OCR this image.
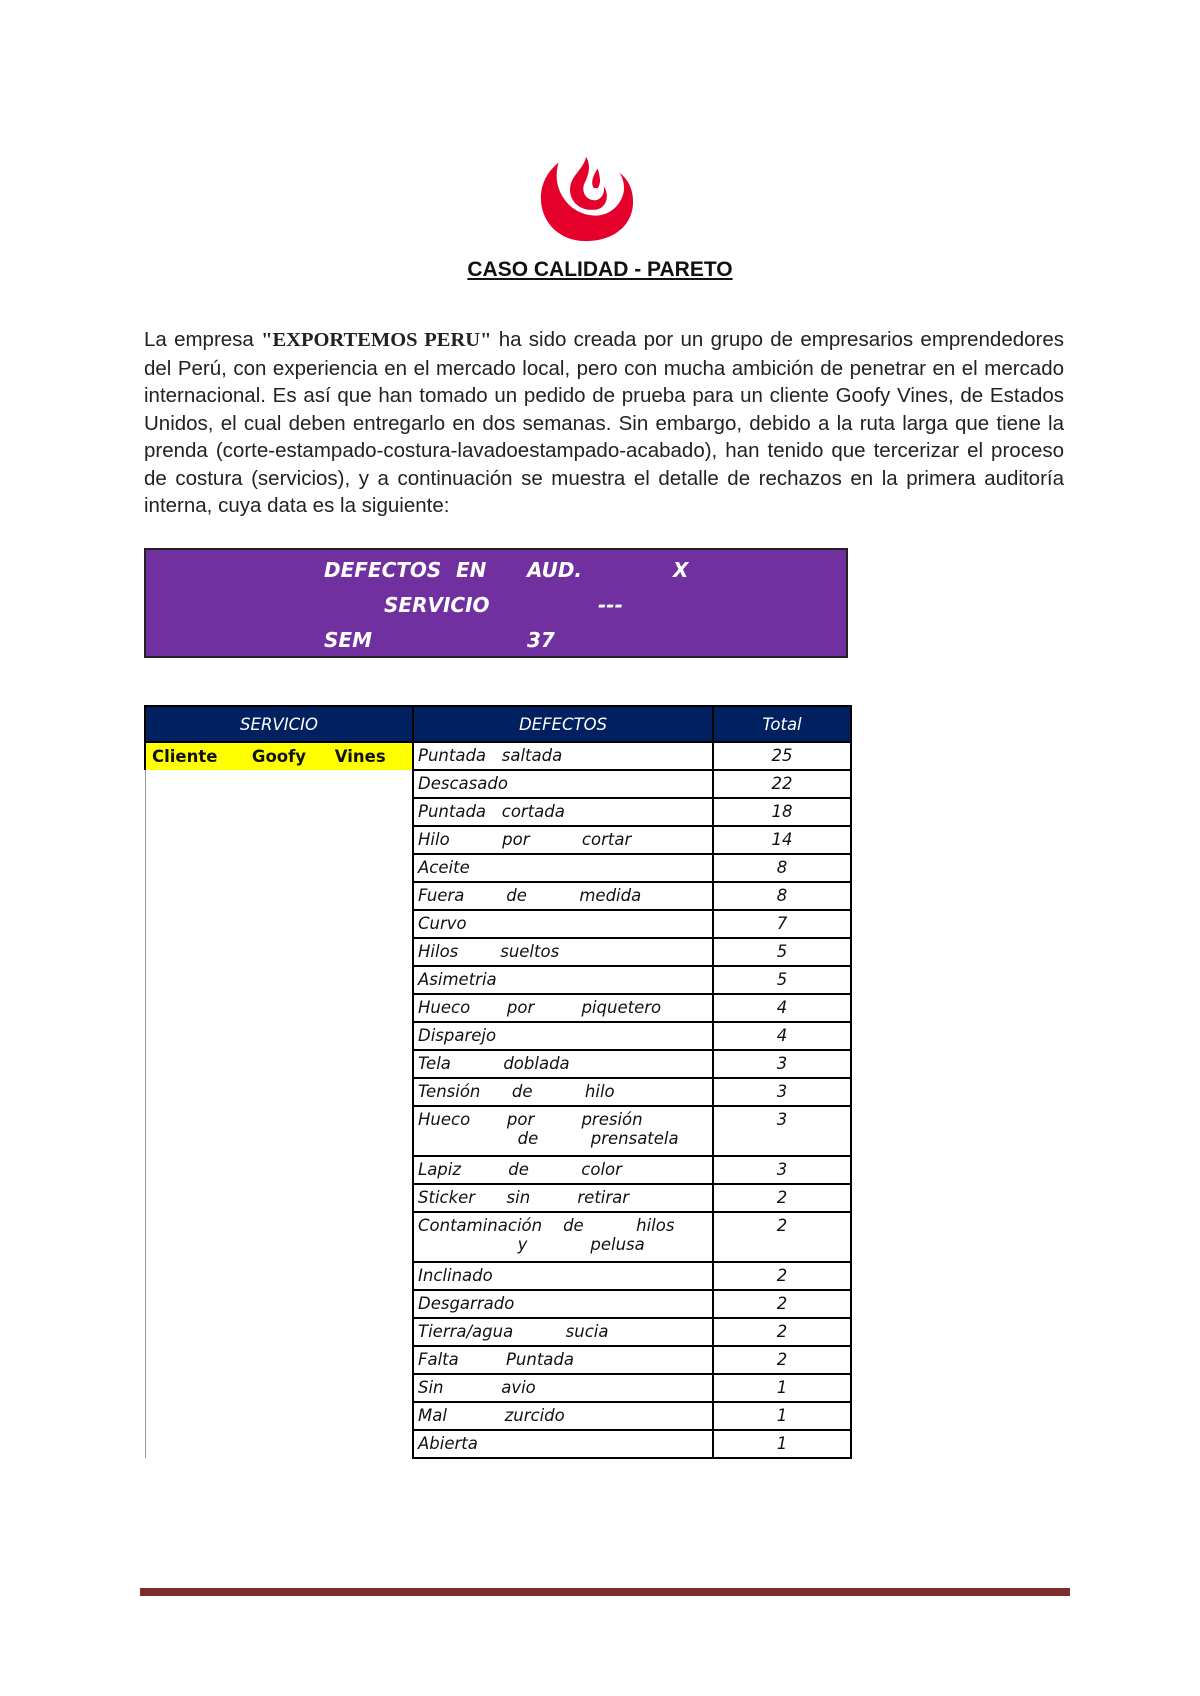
CASO CALIDAD - PARETO

La empresa "EXPORTEMOS PERU" ha sido creada por un grupo de empresarios emprendedores del Perú, con experiencia en el mercado local, pero con mucha ambición de penetrar en el mercado internacional. Es así que han tomado un pedido de prueba para un cliente Goofy Vines, de Estados Unidos, el cual deben entregarlo en dos semanas. Sin embargo, debido a la ruta larga que tiene la prenda (corte-estampado-costura-lavadoestampado-acabado), han tenido que tercerizar el proceso de costura (servicios), y a continuación se muestra el detalle de rechazos en la primera auditoría interna, cuya data es la siguiente:

DEFECTOS EN AUD.	X
SERVICIO	---
SEM	37
SERVICIO	DEFECTOS	Total
Cliente      Goofy     Vines	Puntada   saltada	25
	Descasado	22
	Puntada   cortada	18
	Hilo          por          cortar	14
	Aceite	8
	Fuera        de          medida	8
	Curvo	7
	Hilos        sueltos	5
	Asimetria	5
	Hueco       por         piquetero	4
	Disparejo	4
	Tela          doblada	3
	Tensión      de          hilo	3
	Hueco       por         presión
de          prensatela	3
	Lapiz         de          color	3
	Sticker      sin         retirar	2
	Contaminación    de          hilos
y            pelusa	2
	Inclinado	2
	Desgarrado	2
	Tierra/agua          sucia	2
	Falta         Puntada	2
	Sin           avio	1
	Mal           zurcido	1
	Abierta	1
